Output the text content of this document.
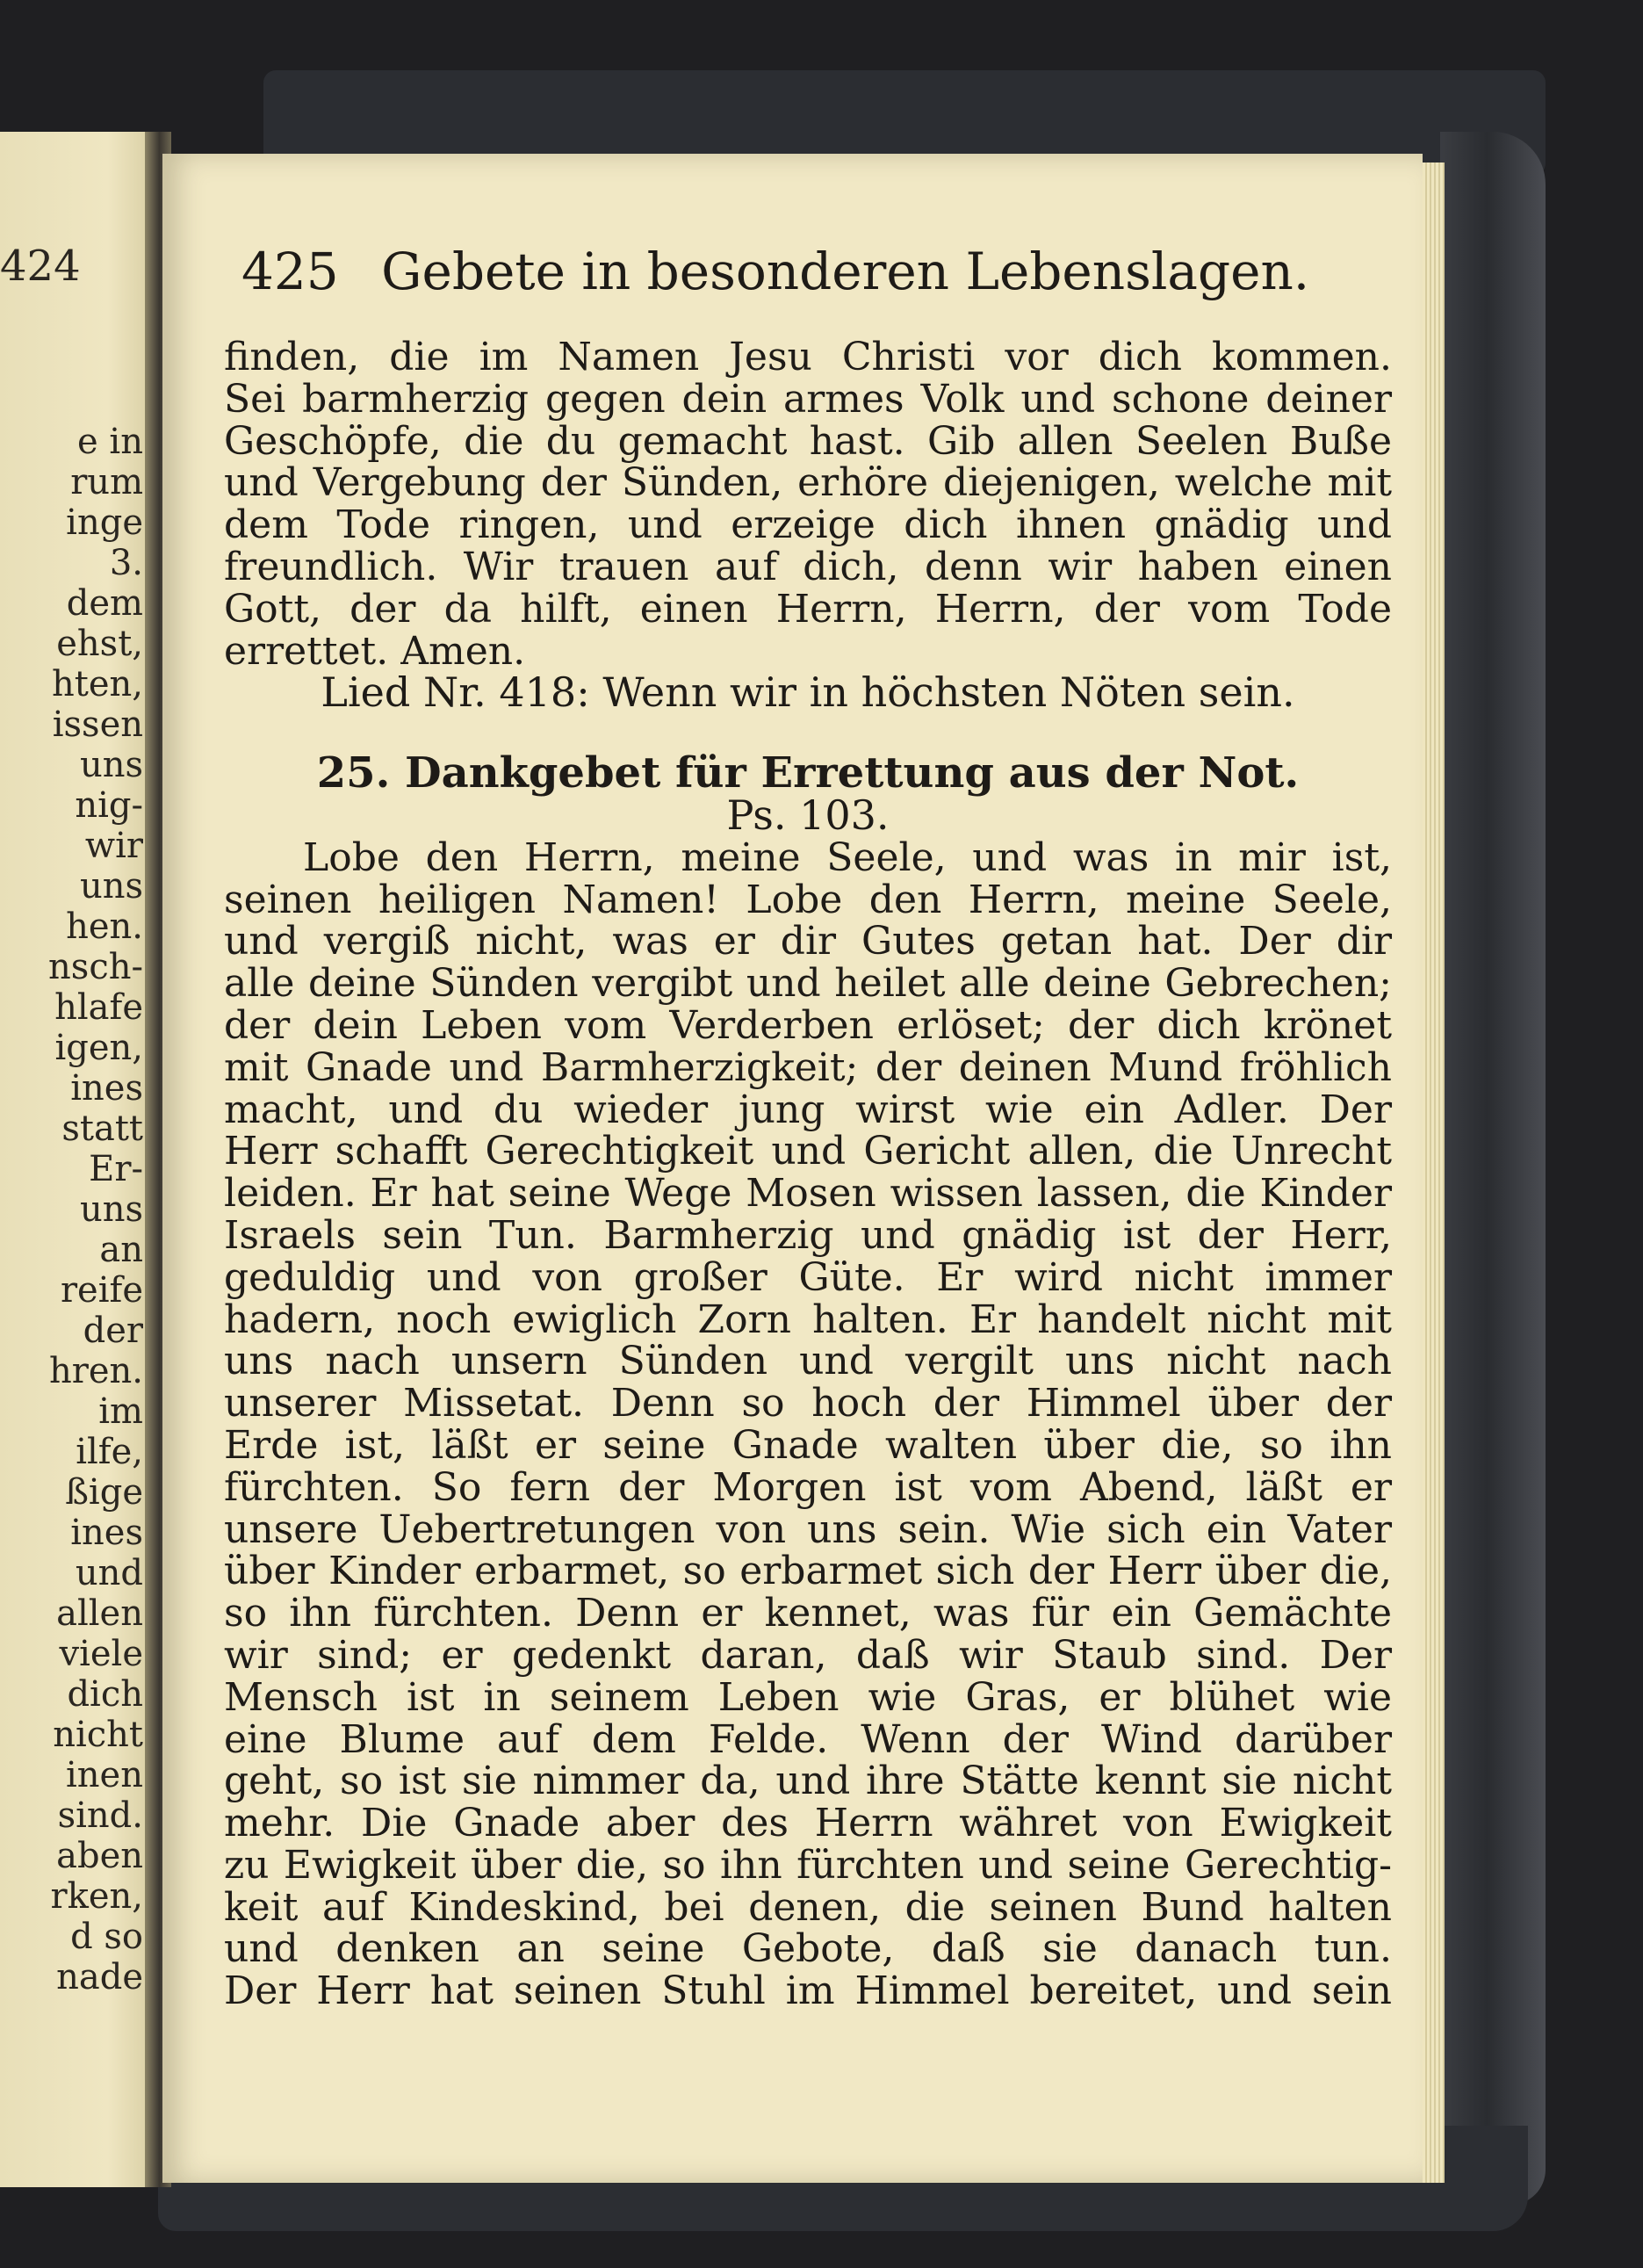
424
e in
rum
inge
3.
dem
ehst,
hten,
issen
uns
nig-
wir
uns
hen.
nsch-
hlafe
igen,
ines
statt
Er-
uns
an
reife
der
hren.
im
ilfe,
ßige
ines
und
allen
viele
dich
nicht
inen
sind.
aben
rken,
d so
nade
425 Gebete in besonderen Lebenslagen.
finden, die im Namen Jesu Christi vor dich kommen.
Sei barmherzig gegen dein armes Volk und schone deiner
Geschöpfe, die du gemacht hast. Gib allen Seelen Buße
und Vergebung der Sünden, erhöre diejenigen, welche mit
dem Tode ringen, und erzeige dich ihnen gnädig und
freundlich. Wir trauen auf dich, denn wir haben einen
Gott, der da hilft, einen Herrn, Herrn, der vom Tode
errettet. Amen.
Lied Nr. 418: Wenn wir in höchsten Nöten sein.
25. Dankgebet für Errettung aus der Not.
Ps. 103.
Lobe den Herrn, meine Seele, und was in mir ist,
seinen heiligen Namen! Lobe den Herrn, meine Seele,
und vergiß nicht, was er dir Gutes getan hat. Der dir
alle deine Sünden vergibt und heilet alle deine Gebrechen;
der dein Leben vom Verderben erlöset; der dich krönet
mit Gnade und Barmherzigkeit; der deinen Mund fröhlich
macht, und du wieder jung wirst wie ein Adler. Der
Herr schafft Gerechtigkeit und Gericht allen, die Unrecht
leiden. Er hat seine Wege Mosen wissen lassen, die Kinder
Israels sein Tun. Barmherzig und gnädig ist der Herr,
geduldig und von großer Güte. Er wird nicht immer
hadern, noch ewiglich Zorn halten. Er handelt nicht mit
uns nach unsern Sünden und vergilt uns nicht nach
unserer Missetat. Denn so hoch der Himmel über der
Erde ist, läßt er seine Gnade walten über die, so ihn
fürchten. So fern der Morgen ist vom Abend, läßt er
unsere Uebertretungen von uns sein. Wie sich ein Vater
über Kinder erbarmet, so erbarmet sich der Herr über die,
so ihn fürchten. Denn er kennet, was für ein Gemächte
wir sind; er gedenkt daran, daß wir Staub sind. Der
Mensch ist in seinem Leben wie Gras, er blühet wie
eine Blume auf dem Felde. Wenn der Wind darüber
geht, so ist sie nimmer da, und ihre Stätte kennt sie nicht
mehr. Die Gnade aber des Herrn währet von Ewigkeit
zu Ewigkeit über die, so ihn fürchten und seine Gerechtig-
keit auf Kindeskind, bei denen, die seinen Bund halten
und denken an seine Gebote, daß sie danach tun.
Der Herr hat seinen Stuhl im Himmel bereitet, und sein
